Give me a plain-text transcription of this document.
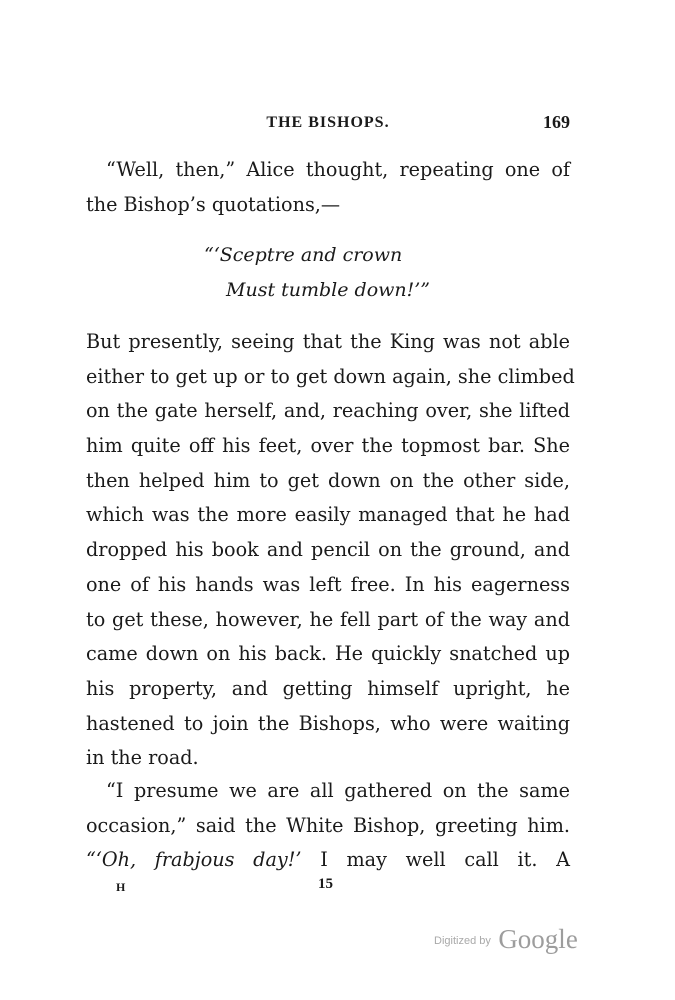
THE BISHOPS.	169
“Well, then,” Alice thought, repeating one of
the Bishop’s quotations,—
“‘Sceptre and crown
Must tumble down!’”
But presently, seeing that the King was not able
either to get up or to get down again, she climbed
on the gate herself, and, reaching over, she lifted
him quite off his feet, over the topmost bar. She
then helped him to get down on the other side,
which was the more easily managed that he had
dropped his book and pencil on the ground, and
one of his hands was left free. In his eagerness
to get these, however, he fell part of the way and
came down on his back. He quickly snatched up
his property, and getting himself upright, he
hastened to join the Bishops, who were waiting
in the road.
“I presume we are all gathered on the same
occasion,” said the White Bishop, greeting him.
“‘Oh, frabjous day!’ I may well call it. A
H	15
$^{Digitized by}$ Google
